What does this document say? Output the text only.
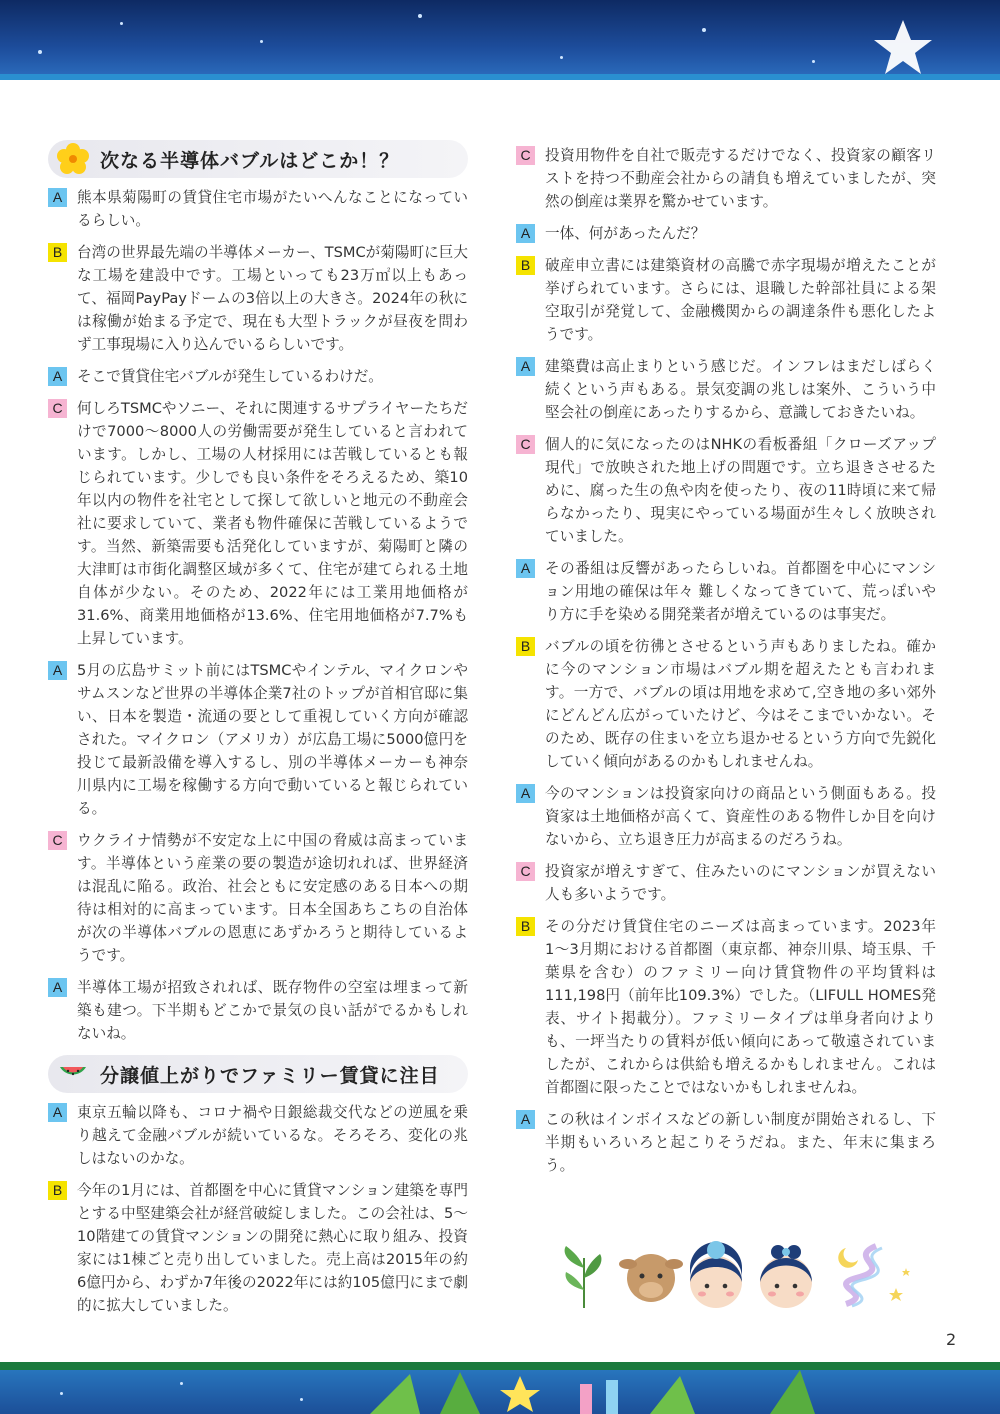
次なる半導体バブルはどこか！？
A	熊本県菊陽町の賃貸住宅市場がたいへんなことになっているらしい。
B	台湾の世界最先端の半導体メーカー、TSMCが菊陽町に巨大な工場を建設中です。工場といっても23万㎡以上もあって、福岡PayPayドームの3倍以上の大きさ。2024年の秋には稼働が始まる予定で、現在も大型トラックが昼夜を問わず工事現場に入り込んでいるらしいです。
A	そこで賃貸住宅バブルが発生しているわけだ。
C 何しろTSMCやソニー、それに関連するサプライヤーたちだけで7000〜8000人の労働需要が発生していると言われています。しかし、工場の人材採用には苦戦しているとも報じられています。少しでも良い条件をそろえるため、築10年以内の物件を社宅として探して欲しいと地元の不動産会社に要求していて、業者も物件確保に苦戦しているようです。当然、新築需要も活発化していますが、菊陽町と隣の大津町は市街化調整区域が多くて、住宅が建てられる土地自体が少ない。そのため、2022年には工業用地価格が31.6%、商業用地価格が13.6%、住宅用地価格が7.7%も上昇しています。
A	5月の広島サミット前にはTSMCやインテル、マイクロンやサムスンなど世界の半導体企業7社のトップが首相官邸に集い、日本を製造・流通の要として重視していく方向が確認された。マイクロン（アメリカ）が広島工場に5000億円を投じて最新設備を導入するし、別の半導体メーカーも神奈川県内に工場を稼働する方向で動いていると報じられている。
C ウクライナ情勢が不安定な上に中国の脅威は高まっています。半導体という産業の要の製造が途切れれば、世界経済は混乱に陥る。政治、社会ともに安定感のある日本への期待は相対的に高まっています。日本全国あちこちの自治体が次の半導体バブルの恩恵にあずかろうと期待しているようです。
A	半導体工場が招致されれば、既存物件の空室は埋まって新築も建つ。下半期もどこかで景気の良い話がでるかもしれないね。
分譲値上がりでファミリー賃貸に注目
A	東京五輪以降も、コロナ禍や日銀総裁交代などの逆風を乗り越えて金融バブルが続いているな。そろそろ、変化の兆しはないのかな。
B	今年の1月には、首都圏を中心に賃貸マンション建築を専門とする中堅建築会社が経営破綻しました。この会社は、5〜10階建ての賃貸マンションの開発に熱心に取り組み、投資家には1棟ごと売り出していました。売上高は2015年の約6億円から、わずか7年後の2022年には約105億円にまで劇的に拡大していました。
C 投資用物件を自社で販売するだけでなく、投資家の顧客リストを持つ不動産会社からの請負も増えていましたが、突然の倒産は業界を驚かせています。
A	一体、何があったんだ？
B	破産申立書には建築資材の高騰で赤字現場が増えたことが挙げられています。さらには、退職した幹部社員による架空取引が発覚して、金融機関からの調達条件も悪化したようです。
A	建築費は高止まりという感じだ。インフレはまだしばらく続くという声もある。景気変調の兆しは案外、こういう中堅会社の倒産にあったりするから、意識しておきたいね。
C 個人的に気になったのはNHKの看板番組「クローズアップ現代」で放映された地上げの問題です。立ち退きさせるために、腐った生の魚や肉を使ったり、夜の11時頃に来て帰らなかったり、現実にやっている場面が生々しく放映されていました。
A	その番組は反響があったらしいね。首都圏を中心にマンション用地の確保は年々 難しくなってきていて、荒っぽいやり方に手を染める開発業者が増えているのは事実だ。
B	バブルの頃を彷彿とさせるという声もありましたね。確かに今のマンション市場はバブル期を超えたとも言われます。一方で、バブルの頃は用地を求めて,空き地の多い郊外にどんどん広がっていたけど、今はそこまでいかない。そのため、既存の住まいを立ち退かせるという方向で先鋭化していく傾向があるのかもしれませんね。
A	今のマンションは投資家向けの商品という側面もある。投資家は土地価格が高くて、資産性のある物件しか目を向けないから、立ち退き圧力が高まるのだろうね。
C 投資家が増えすぎて、住みたいのにマンションが買えない人も多いようです。
B	その分だけ賃貸住宅のニーズは高まっています。2023年1〜3月期における首都圏（東京都、神奈川県、埼玉県、千葉県を含む）のファミリー向け賃貸物件の平均賃料は111,198円（前年比109.3%）でした。（LIFULL HOMES発表、サイト掲載分）。ファミリータイプは単身者向けよりも、一坪当たりの賃料が低い傾向にあって敬遠されていましたが、これからは供給も増えるかもしれません。これは首都圏に限ったことではないかもしれませんね。
A	この秋はインボイスなどの新しい制度が開始されるし、下半期もいろいろと起こりそうだね。また、年末に集まろう。
2
